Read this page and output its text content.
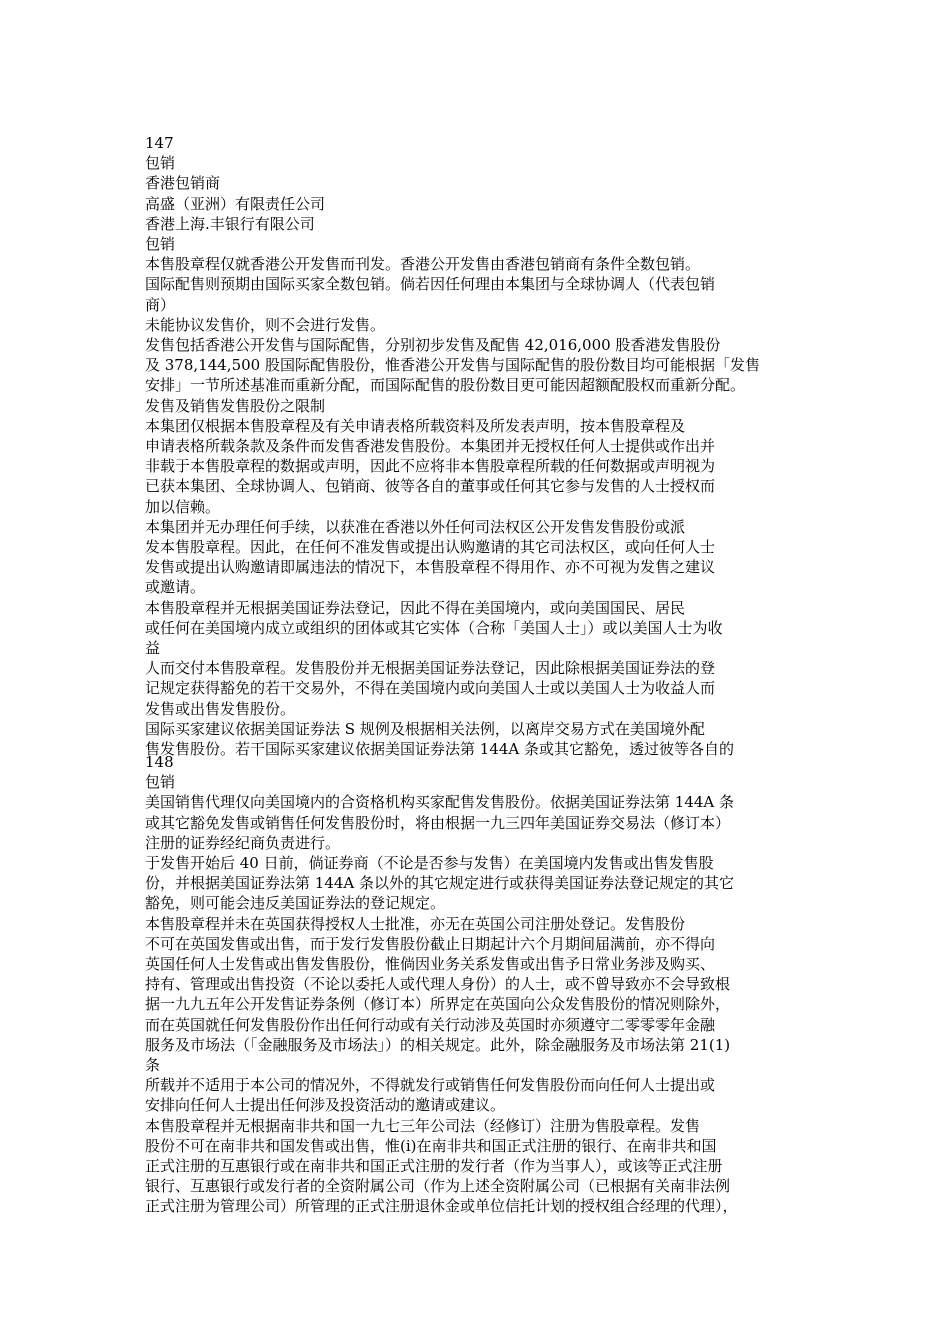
147
包销
香港包销商
高盛（亚洲）有限责任公司
香港上海.丰银行有限公司
包销
本售股章程仅就香港公开发售而刊发。香港公开发售由香港包销商有条件全数包销。
国际配售则预期由国际买家全数包销。倘若因任何理由本集团与全球协调人（代表包销
商）
未能协议发售价，则不会进行发售。
发售包括香港公开发售与国际配售，分别初步发售及配售 42,016,000 股香港发售股份
及 378,144,500 股国际配售股份，惟香港公开发售与国际配售的股份数目均可能根据「发售
安排」一节所述基准而重新分配，而国际配售的股份数目更可能因超额配股权而重新分配。
发售及销售发售股份之限制
本集团仅根据本售股章程及有关申请表格所载资料及所发表声明，按本售股章程及
申请表格所载条款及条件而发售香港发售股份。本集团并无授权任何人士提供或作出并
非载于本售股章程的数据或声明，因此不应将非本售股章程所载的任何数据或声明视为
已获本集团、全球协调人、包销商、彼等各自的董事或任何其它参与发售的人士授权而
加以信赖。
本集团并无办理任何手续，以获准在香港以外任何司法权区公开发售发售股份或派
发本售股章程。因此，在任何不准发售或提出认购邀请的其它司法权区，或向任何人士
发售或提出认购邀请即属违法的情况下，本售股章程不得用作、亦不可视为发售之建议
或邀请。
本售股章程并无根据美国证券法登记，因此不得在美国境内，或向美国国民、居民
或任何在美国境内成立或组织的团体或其它实体（合称「美国人士」）或以美国人士为收
益
人而交付本售股章程。发售股份并无根据美国证券法登记，因此除根据美国证券法的登
记规定获得豁免的若干交易外，不得在美国境内或向美国人士或以美国人士为收益人而
发售或出售发售股份。
国际买家建议依据美国证券法 S 规例及根据相关法例，以离岸交易方式在美国境外配
售发售股份。若干国际买家建议依据美国证券法第 144A 条或其它豁免，透过彼等各自的
148
包销
美国销售代理仅向美国境内的合资格机构买家配售发售股份。依据美国证券法第 144A 条
或其它豁免发售或销售任何发售股份时，将由根据一九三四年美国证券交易法（修订本）
注册的证券经纪商负责进行。
于发售开始后 40 日前，倘证券商（不论是否参与发售）在美国境内发售或出售发售股
份，并根据美国证券法第 144A 条以外的其它规定进行或获得美国证券法登记规定的其它
豁免，则可能会违反美国证券法的登记规定。
本售股章程并未在英国获得授权人士批准，亦无在英国公司注册处登记。发售股份
不可在英国发售或出售，而于发行发售股份截止日期起计六个月期间届满前，亦不得向
英国任何人士发售或出售发售股份，惟倘因业务关系发售或出售予日常业务涉及购买、
持有、管理或出售投资（不论以委托人或代理人身份）的人士，或不曾导致亦不会导致根
据一九九五年公开发售证券条例（修订本）所界定在英国向公众发售股份的情况则除外，
而在英国就任何发售股份作出任何行动或有关行动涉及英国时亦须遵守二零零零年金融
服务及市场法（「金融服务及市场法」）的相关规定。此外，除金融服务及市场法第 21(1)
条
所载并不适用于本公司的情况外，不得就发行或销售任何发售股份而向任何人士提出或
安排向任何人士提出任何涉及投资活动的邀请或建议。
本售股章程并无根据南非共和国一九七三年公司法（经修订）注册为售股章程。发售
股份不可在南非共和国发售或出售，惟(i)在南非共和国正式注册的银行、在南非共和国
正式注册的互惠银行或在南非共和国正式注册的发行者（作为当事人），或该等正式注册
银行、互惠银行或发行者的全资附属公司（作为上述全资附属公司（已根据有关南非法例
正式注册为管理公司）所管理的正式注册退休金或单位信托计划的授权组合经理的代理），
